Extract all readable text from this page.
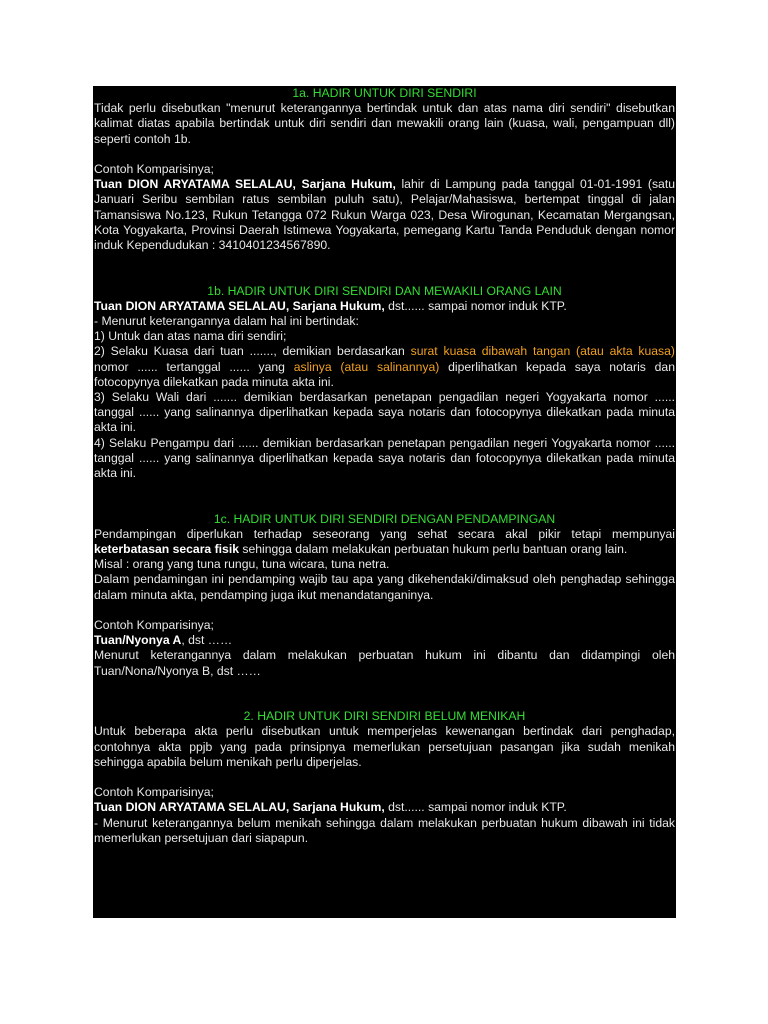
1a. HADIR UNTUK DIRI SENDIRI

Tidak perlu disebutkan "menurut keterangannya bertindak untuk dan atas nama diri sendiri" disebutkan kalimat diatas apabila bertindak untuk diri sendiri dan mewakili orang lain (kuasa, wali, pengampuan dll) seperti contoh 1b.

Contoh Komparisinya;

Tuan DION ARYATAMA SELALAU, Sarjana Hukum, lahir di Lampung pada tanggal 01-01-1991 (satu Januari Seribu sembilan ratus sembilan puluh satu), Pelajar/Mahasiswa, bertempat tinggal di jalan Tamansiswa No.123, Rukun Tetangga 072 Rukun Warga 023, Desa Wirogunan, Kecamatan Mergangsan, Kota Yogyakarta, Provinsi Daerah Istimewa Yogyakarta, pemegang Kartu Tanda Penduduk dengan nomor induk Kependudukan : 3410401234567890.

1b. HADIR UNTUK DIRI SENDIRI DAN MEWAKILI ORANG LAIN

Tuan DION ARYATAMA SELALAU, Sarjana Hukum, dst...... sampai nomor induk KTP.

- Menurut keterangannya dalam hal ini bertindak:

1) Untuk dan atas nama diri sendiri;

2) Selaku Kuasa dari tuan ......., demikian berdasarkan surat kuasa dibawah tangan (atau akta kuasa) nomor ...... tertanggal ...... yang aslinya (atau salinannya) diperlihatkan kepada saya notaris dan fotocopynya dilekatkan pada minuta akta ini.

3) Selaku Wali dari ....... demikian berdasarkan penetapan pengadilan negeri Yogyakarta nomor ...... tanggal ...... yang salinannya diperlihatkan kepada saya notaris dan fotocopynya dilekatkan pada minuta akta ini.

4) Selaku Pengampu dari ...... demikian berdasarkan penetapan pengadilan negeri Yogyakarta nomor ...... tanggal ...... yang salinannya diperlihatkan kepada saya notaris dan fotocopynya dilekatkan pada minuta akta ini.

1c. HADIR UNTUK DIRI SENDIRI DENGAN PENDAMPINGAN

Pendampingan diperlukan terhadap seseorang yang sehat secara akal pikir tetapi mempunyai keterbatasan secara fisik sehingga dalam melakukan perbuatan hukum perlu bantuan orang lain.

Misal : orang yang tuna rungu, tuna wicara, tuna netra.

Dalam pendamingan ini pendamping wajib tau apa yang dikehendaki/dimaksud oleh penghadap sehingga dalam minuta akta, pendamping juga ikut menandatanganinya.

Contoh Komparisinya;

Tuan/Nyonya A, dst ……

Menurut keterangannya dalam melakukan perbuatan hukum ini dibantu dan didampingi oleh Tuan/Nona/Nyonya B, dst ……

2. HADIR UNTUK DIRI SENDIRI BELUM MENIKAH

Untuk beberapa akta perlu disebutkan untuk memperjelas kewenangan bertindak dari penghadap, contohnya akta ppjb yang pada prinsipnya memerlukan persetujuan pasangan jika sudah menikah sehingga apabila belum menikah perlu diperjelas.

Contoh Komparisinya;

Tuan DION ARYATAMA SELALAU, Sarjana Hukum, dst...... sampai nomor induk KTP.

- Menurut keterangannya belum menikah sehingga dalam melakukan perbuatan hukum dibawah ini tidak memerlukan persetujuan dari siapapun.
